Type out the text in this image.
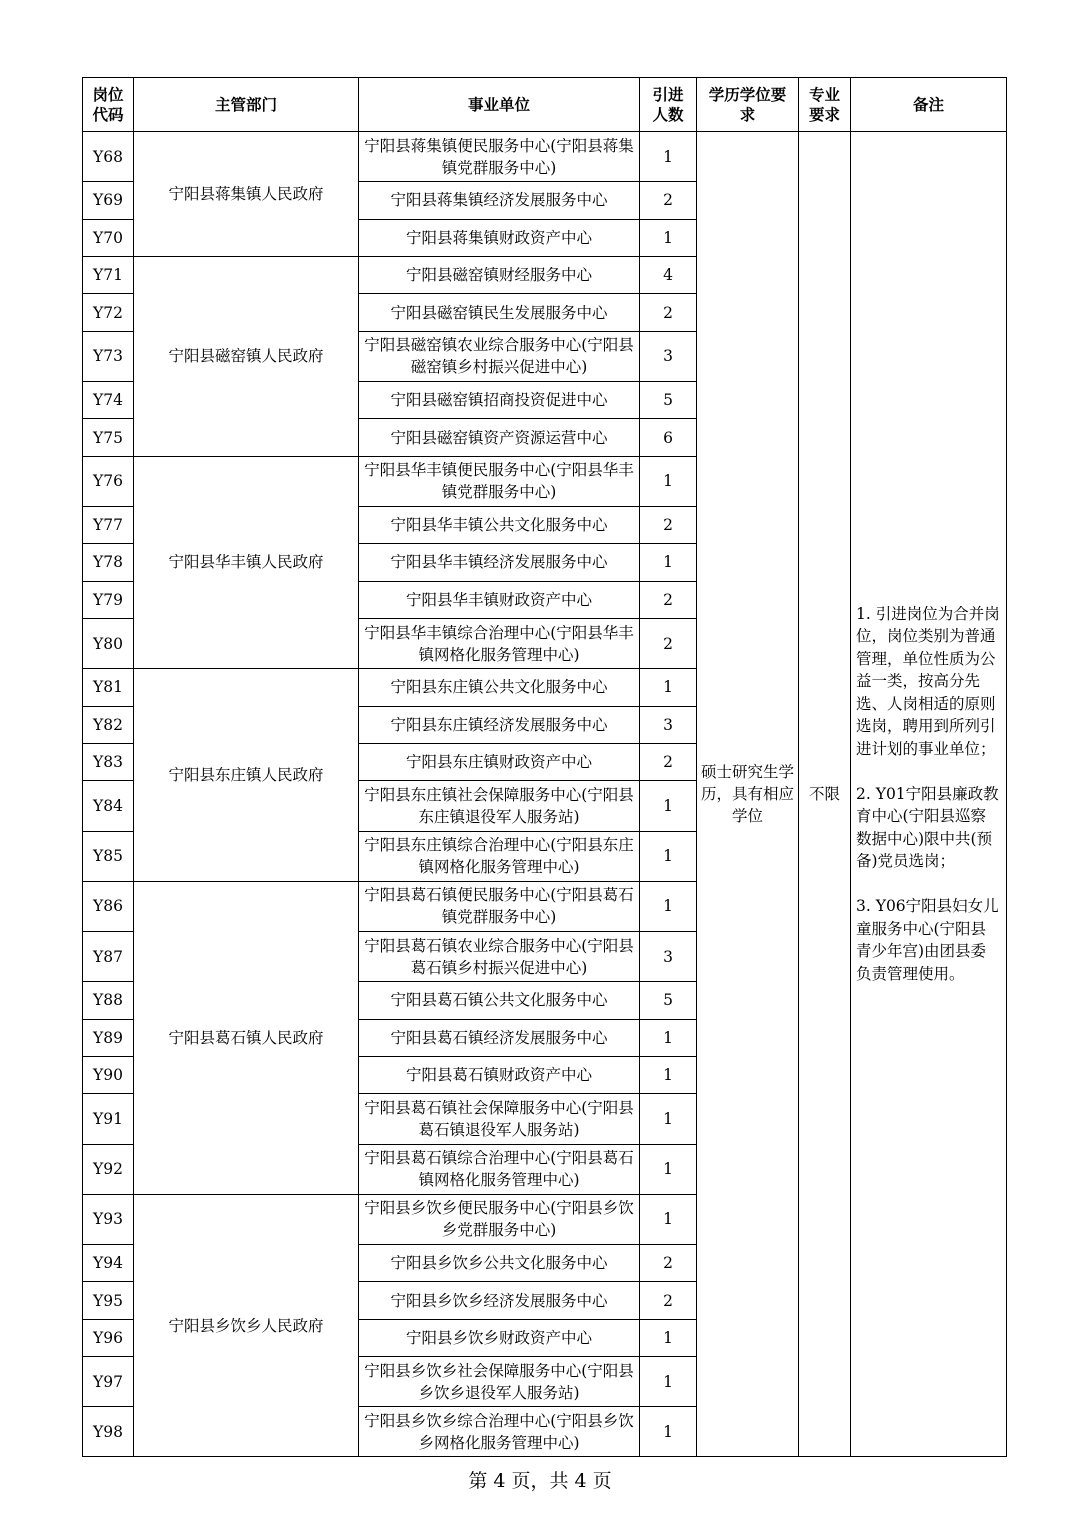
岗位代码	主管部门	事业单位	引进人数	学历学位要求	专业要求	备注
Y68	宁阳县蒋集镇人民政府	宁阳县蒋集镇便民服务中心(宁阳县蒋集镇党群服务中心)	1	硕士研究生学历，具有相应学位	不限	1. 引进岗位为合并岗位，岗位类别为普通管理，单位性质为公益一类，按高分先选、人岗相适的原则选岗，聘用到所列引进计划的事业单位；

2. Y01宁阳县廉政教育中心(宁阳县巡察数据中心)限中共(预备)党员选岗；

3. Y06宁阳县妇女儿童服务中心(宁阳县青少年宫)由团县委负责管理使用。
Y69		宁阳县蒋集镇经济发展服务中心	2			
Y70		宁阳县蒋集镇财政资产中心	1			
Y71	宁阳县磁窑镇人民政府	宁阳县磁窑镇财经服务中心	4			
Y72		宁阳县磁窑镇民生发展服务中心	2			
Y73		宁阳县磁窑镇农业综合服务中心(宁阳县磁窑镇乡村振兴促进中心)	3			
Y74		宁阳县磁窑镇招商投资促进中心	5			
Y75		宁阳县磁窑镇资产资源运营中心	6			
Y76	宁阳县华丰镇人民政府	宁阳县华丰镇便民服务中心(宁阳县华丰镇党群服务中心)	1			
Y77		宁阳县华丰镇公共文化服务中心	2			
Y78		宁阳县华丰镇经济发展服务中心	1			
Y79		宁阳县华丰镇财政资产中心	2			
Y80		宁阳县华丰镇综合治理中心(宁阳县华丰镇网格化服务管理中心)	2			
Y81	宁阳县东庄镇人民政府	宁阳县东庄镇公共文化服务中心	1			
Y82		宁阳县东庄镇经济发展服务中心	3			
Y83		宁阳县东庄镇财政资产中心	2			
Y84		宁阳县东庄镇社会保障服务中心(宁阳县东庄镇退役军人服务站)	1			
Y85		宁阳县东庄镇综合治理中心(宁阳县东庄镇网格化服务管理中心)	1			
Y86	宁阳县葛石镇人民政府	宁阳县葛石镇便民服务中心(宁阳县葛石镇党群服务中心)	1			
Y87		宁阳县葛石镇农业综合服务中心(宁阳县葛石镇乡村振兴促进中心)	3			
Y88		宁阳县葛石镇公共文化服务中心	5			
Y89		宁阳县葛石镇经济发展服务中心	1			
Y90		宁阳县葛石镇财政资产中心	1			
Y91		宁阳县葛石镇社会保障服务中心(宁阳县葛石镇退役军人服务站)	1			
Y92		宁阳县葛石镇综合治理中心(宁阳县葛石镇网格化服务管理中心)	1			
Y93	宁阳县乡饮乡人民政府	宁阳县乡饮乡便民服务中心(宁阳县乡饮乡党群服务中心)	1			
Y94		宁阳县乡饮乡公共文化服务中心	2			
Y95		宁阳县乡饮乡经济发展服务中心	2			
Y96		宁阳县乡饮乡财政资产中心	1			
Y97		宁阳县乡饮乡社会保障服务中心(宁阳县乡饮乡退役军人服务站)	1			
Y98		宁阳县乡饮乡综合治理中心(宁阳县乡饮乡网格化服务管理中心)	1			
第 4 页，共 4 页
